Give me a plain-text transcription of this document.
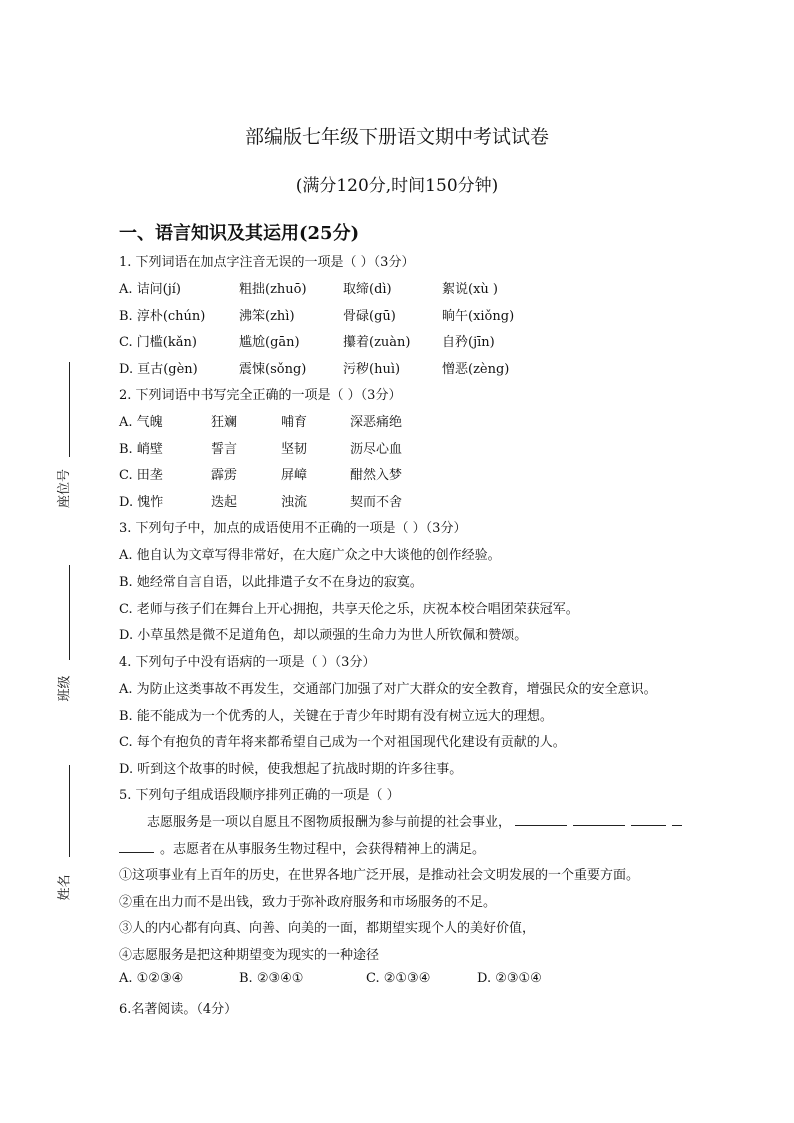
座位号
班级
姓名
部编版七年级下册语文期中考试试卷
(满分120分,时间150分钟)
一、语言知识及其运用(25分)
1. 下列词语在加点字注音无误的一项是（ ）（3分）
A. 诘问(jí)	粗拙(zhuō)	取缔(dì)	絮说(xù )
B. 淳朴(chún)	沸笨(zhì)	骨碌(gū)	晌午(xiǒng)
C. 门槛(kǎn)	尴尬(gān)	攥着(zuàn) 自矜(jīn)
D. 亘古(gèn)	震悚(sǒng)	污秽(huì)	憎恶(zèng)
2. 下列词语中书写完全正确的一项是（ ）（3分）
A. 气魄	狂斓	哺育	深恶痛绝
B. 峭壁	誓言	坚韧	沥尽心血
C. 田垄	霹雳	屏嶂	酣然入梦
D. 愧怍	迭起	浊流	契而不舍
3. 下列句子中，加点的成语使用不正确的一项是（ ）（3分）
A. 他自认为文章写得非常好，在大庭广众之中大谈他的创作经验。
B. 她经常自言自语，以此排遣子女不在身边的寂寞。
C. 老师与孩子们在舞台上开心拥抱，共享天伦之乐，庆祝本校合唱团荣获冠军。
D. 小草虽然是微不足道角色，却以顽强的生命力为世人所钦佩和赞颂。
4. 下列句子中没有语病的一项是（ ）（3分）
A. 为防止这类事故不再发生，交通部门加强了对广大群众的安全教育，增强民众的安全意识。
B. 能不能成为一个优秀的人，关键在于青少年时期有没有树立远大的理想。
C. 每个有抱负的青年将来都希望自己成为一个对祖国现代化建设有贡献的人。
D. 听到这个故事的时候，使我想起了抗战时期的许多往事。
5. 下列句子组成语段顺序排列正确的一项是（ ）
志愿服务是一项以自愿且不图物质报酬为参与前提的社会事业，
。志愿者在从事服务生物过程中，会获得精神上的满足。
①这项事业有上百年的历史，在世界各地广泛开展，是推动社会文明发展的一个重要方面。
②重在出力而不是出钱，致力于弥补政府服务和市场服务的不足。
③人的内心都有向真、向善、向美的一面，都期望实现个人的美好价值，
④志愿服务是把这种期望变为现实的一种途径
A. ①②③④	B. ②③④①	C. ②①③④	D. ②③①④
6.名著阅读。（4分）
